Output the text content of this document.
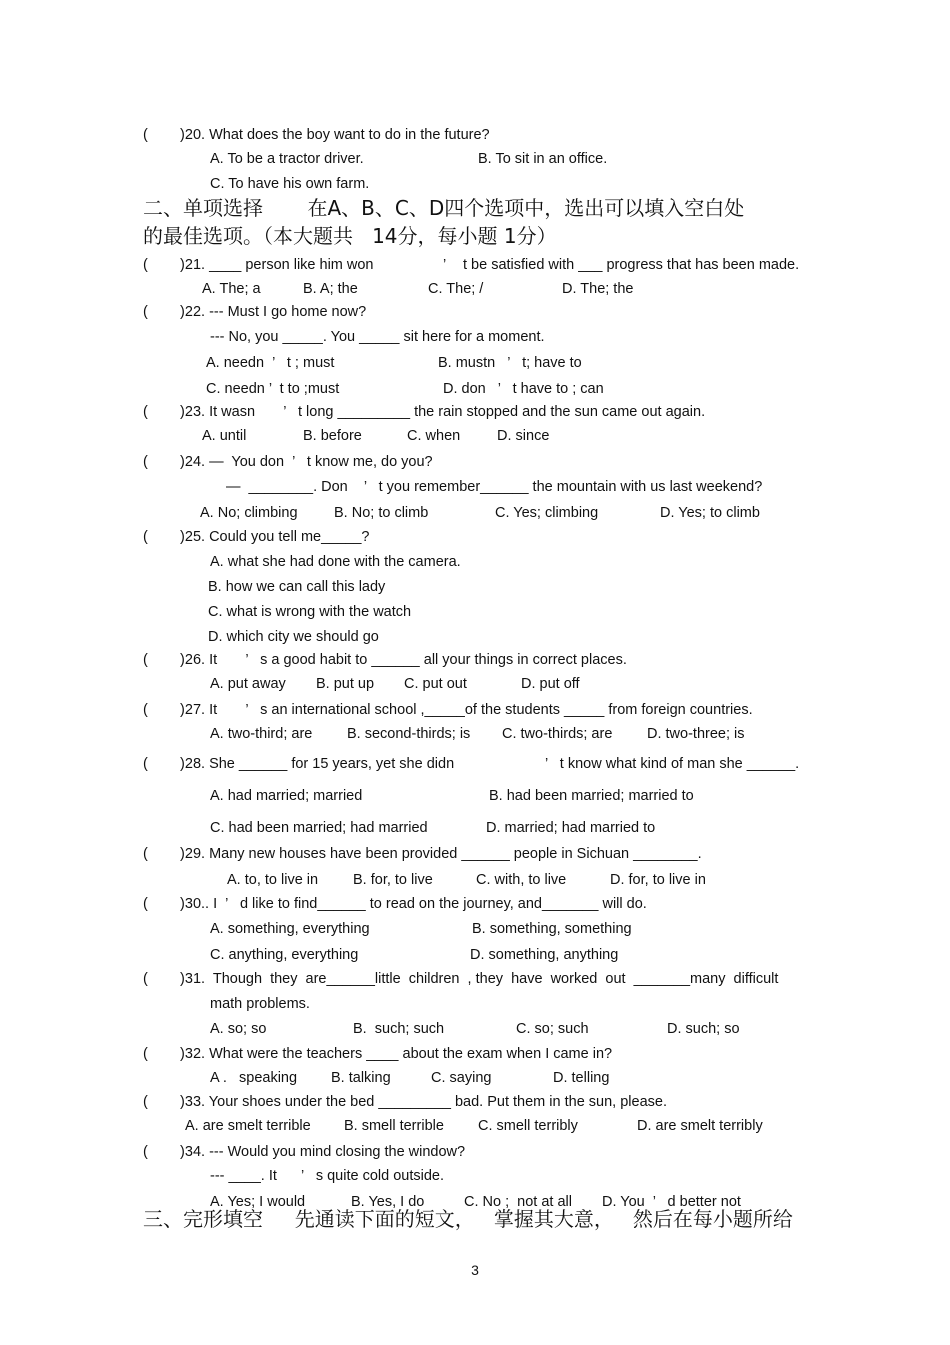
二、单项选择       在A、B、C、D四个选项中，选出可以填入空白处
的最佳选项。（本大题共   14分，每小题 1分）
三、完形填空     先通读下面的短文，   掌握其大意，   然后在每小题所给
(        )20. What does the boy want to do in the future?
A. To be a tractor driver.	B. To sit in an office.
C. To have his own farm.
(        )21. ____ person like him won	’ t be satisfied with ___ progress that has been made.
A. The; a	B. A; the	C. The; /	D. The; the
(        )22. --- Must I go home now?
--- No, you _____. You _____ sit here for a moment.
A. needn  ’   t ; must	B. mustn   ’   t; have to
C. needn ’  t to ;must	D. don   ’   t have to ; can
(        )23. It wasn       ’   t long _________ the rain stopped and the sun came out again.
A. until	B. before	C. when	D. since
(        )24. —  You don  ’   t know me, do you?
—  ________. Don    ’   t you remember______ the mountain with us last weekend?
A. No; climbing	B. No; to climb	C. Yes; climbing	D. Yes; to climb
(        )25. Could you tell me_____?
A. what she had done with the camera.
B. how we can call this lady
C. what is wrong with the watch
D. which city we should go
(        )26. It       ’   s a good habit to ______ all your things in correct places.
A. put away B. put up C. put out	D. put off
(        )27. It       ’   s an international school ,_____of the students _____ from foreign countries.
A. two-third; are B. second-thirds; is C. two-thirds; are D. two-three; is
(        )28. She ______ for 15 years, yet she didn	’   t know what kind of man she ______.
A. had married; married	B. had been married; married to
C. had been married; had married	D. married; had married to
(        )29. Many new houses have been provided ______ people in Sichuan ________.
A. to, to live in B. for, to live	C. with, to live	D. for, to live in
(        )30.. I  ’   d like to find______ to read on the journey, and_______ will do.
A. something, everything	B. something, something
C. anything, everything	D. something, anything
(        )31.  Though  they  are______little  children  , they  have  worked  out  _______many  difficult
math problems.
A. so; so	B.  such; such	C. so; such	D. such; so
(        )32. What were the teachers ____ about the exam when I came in?
A .   speaking B. talking	C. saying	D. telling
(        )33. Your shoes under the bed _________ bad. Put them in the sun, please.
A. are smelt terrible B. smell terrible C. smell terribly	D. are smelt terribly
(        )34. --- Would you mind closing the window?
--- ____. It      ’   s quite cold outside.
A. Yes; I would	B. Yes, I do	C. No ;  not at all D. You  ’   d better not
3
